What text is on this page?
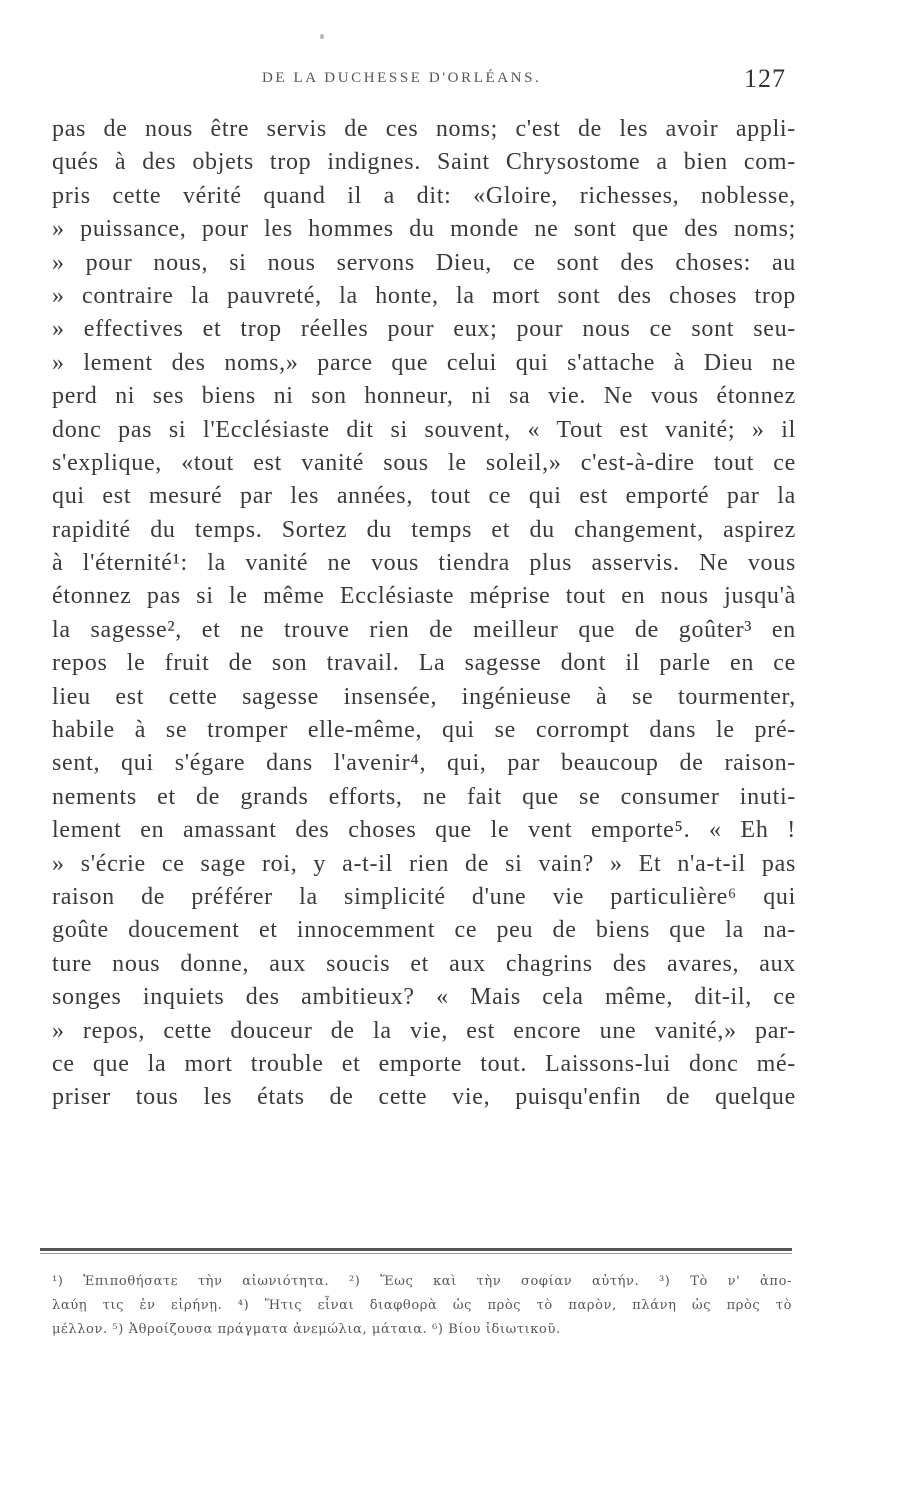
DE LA DUCHESSE D'ORLÉANS.	127
pas de nous être servis de ces noms; c'est de les avoir appli-
qués à des objets trop indignes. Saint Chrysostome a bien com-
pris cette vérité quand il a dit: «Gloire, richesses, noblesse,
» puissance, pour les hommes du monde ne sont que des noms;
» pour nous, si nous servons Dieu, ce sont des choses: au
» contraire la pauvreté, la honte, la mort sont des choses trop
» effectives et trop réelles pour eux; pour nous ce sont seu-
» lement des noms,» parce que celui qui s'attache à Dieu ne
perd ni ses biens ni son honneur, ni sa vie. Ne vous étonnez
donc pas si l'Ecclésiaste dit si souvent, « Tout est vanité; » il
s'explique, «tout est vanité sous le soleil,» c'est-à-dire tout ce
qui est mesuré par les années, tout ce qui est emporté par la
rapidité du temps. Sortez du temps et du changement, aspirez
à l'éternité¹: la vanité ne vous tiendra plus asservis. Ne vous
étonnez pas si le même Ecclésiaste méprise tout en nous jusqu'à
la sagesse², et ne trouve rien de meilleur que de goûter³ en
repos le fruit de son travail. La sagesse dont il parle en ce
lieu est cette sagesse insensée, ingénieuse à se tourmenter,
habile à se tromper elle-même, qui se corrompt dans le pré-
sent, qui s'égare dans l'avenir⁴, qui, par beaucoup de raison-
nements et de grands efforts, ne fait que se consumer inuti-
lement en amassant des choses que le vent emporte⁵. « Eh !
» s'écrie ce sage roi, y a-t-il rien de si vain? » Et n'a-t-il pas
raison de préférer la simplicité d'une vie particulière⁶ qui
goûte doucement et innocemment ce peu de biens que la na-
ture nous donne, aux soucis et aux chagrins des avares, aux
songes inquiets des ambitieux? « Mais cela même, dit-il, ce
» repos, cette douceur de la vie, est encore une vanité,» par-
ce que la mort trouble et emporte tout. Laissons-lui donc mé-
priser tous les états de cette vie, puisqu'enfin de quelque
¹) Ἐπιποθήσατε τὴν αἰωνιότητα. ²) Ἕως καὶ τὴν σοφίαν αὐτήν. ³) Τὸ ν' ἀπο-
λαύῃ τις ἐν εἰρήνῃ. ⁴) Ἥτις εἶναι διαφθορὰ ὡς πρὸς τὸ παρὸν, πλάνη ὡς πρὸς τὸ
μέλλον. ⁵) Ἀθροίζουσα πράγματα ἀνεμώλια, μάταια. ⁶) Βίου ἰδιωτικοῦ.
